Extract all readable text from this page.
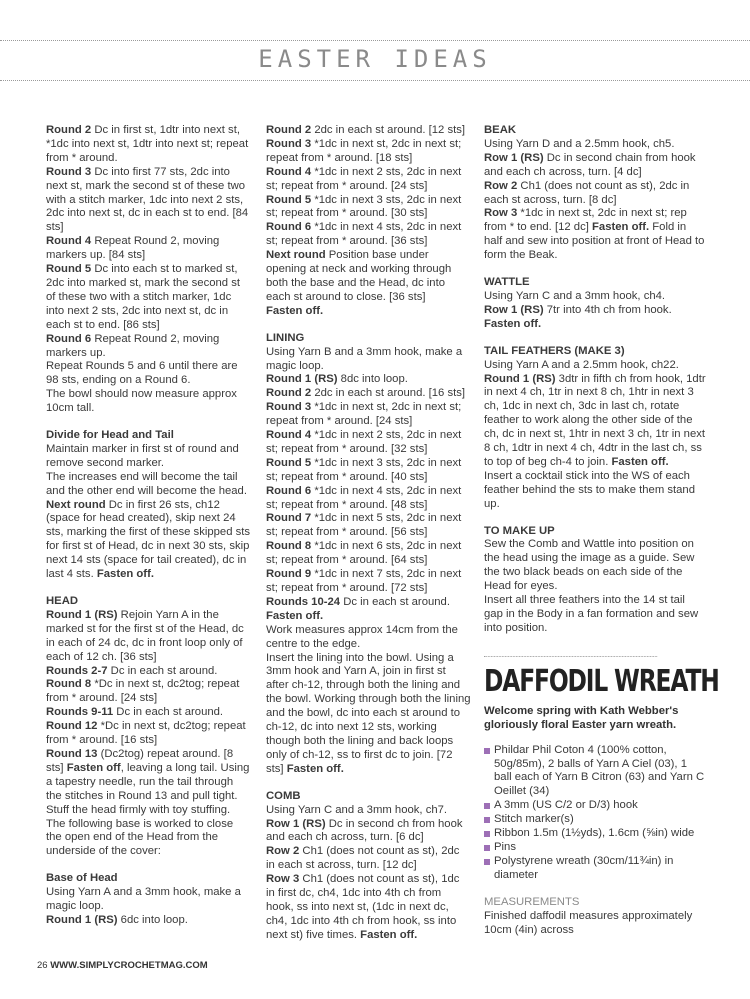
EASTER IDEAS
Round 2 Dc in first st, 1dtr into next st, *1dc into next st, 1dtr into next st; repeat from * around.
Round 3 Dc into first 77 sts, 2dc into next st, mark the second st of these two with a stitch marker, 1dc into next 2 sts, 2dc into next st, dc in each st to end. [84 sts]
Round 4 Repeat Round 2, moving markers up. [84 sts]
Round 5 Dc into each st to marked st, 2dc into marked st, mark the second st of these two with a stitch marker, 1dc into next 2 sts, 2dc into next st, dc in each st to end. [86 sts]
Round 6 Repeat Round 2, moving markers up.
Repeat Rounds 5 and 6 until there are 98 sts, ending on a Round 6.
The bowl should now measure approx 10cm tall.
Divide for Head and Tail
Maintain marker in first st of round and remove second marker.
The increases end will become the tail and the other end will become the head.
Next round Dc in first 26 sts, ch12 (space for head created), skip next 24 sts, marking the first of these skipped sts for first st of Head, dc in next 30 sts, skip next 14 sts (space for tail created), dc in last 4 sts. Fasten off.
HEAD
Round 1 (RS) Rejoin Yarn A in the marked st for the first st of the Head, dc in each of 24 dc, dc in front loop only of each of 12 ch. [36 sts]
Rounds 2-7 Dc in each st around.
Round 8 *Dc in next st, dc2tog; repeat from * around. [24 sts]
Rounds 9-11 Dc in each st around.
Round 12 *Dc in next st, dc2tog; repeat from * around. [16 sts]
Round 13 (Dc2tog) repeat around. [8 sts] Fasten off, leaving a long tail. Using a tapestry needle, run the tail through the stitches in Round 13 and pull tight. Stuff the head firmly with toy stuffing. The following base is worked to close the open end of the Head from the underside of the cover:
Base of Head
Using Yarn A and a 3mm hook, make a magic loop.
Round 1 (RS) 6dc into loop.
Round 2 2dc in each st around. [12 sts]
Round 3 *1dc in next st, 2dc in next st; repeat from * around. [18 sts]
Round 4 *1dc in next 2 sts, 2dc in next st; repeat from * around. [24 sts]
Round 5 *1dc in next 3 sts, 2dc in next st; repeat from * around. [30 sts]
Round 6 *1dc in next 4 sts, 2dc in next st; repeat from * around. [36 sts]
Next round Position base under opening at neck and working through both the base and the Head, dc into each st around to close. [36 sts]
Fasten off.
LINING
Using Yarn B and a 3mm hook, make a magic loop.
Round 1 (RS) 8dc into loop.
Round 2 2dc in each st around. [16 sts]
Round 3 *1dc in next st, 2dc in next st; repeat from * around. [24 sts]
Round 4 *1dc in next 2 sts, 2dc in next st; repeat from * around. [32 sts]
Round 5 *1dc in next 3 sts, 2dc in next st; repeat from * around. [40 sts]
Round 6 *1dc in next 4 sts, 2dc in next st; repeat from * around. [48 sts]
Round 7 *1dc in next 5 sts, 2dc in next st; repeat from * around. [56 sts]
Round 8 *1dc in next 6 sts, 2dc in next st; repeat from * around. [64 sts]
Round 9 *1dc in next 7 sts, 2dc in next st; repeat from * around. [72 sts]
Rounds 10-24 Dc in each st around.
Fasten off.
Work measures approx 14cm from the centre to the edge.
Insert the lining into the bowl. Using a 3mm hook and Yarn A, join in first st after ch-12, through both the lining and the bowl. Working through both the lining and the bowl, dc into each st around to ch-12, dc into next 12 sts, working though both the lining and back loops only of ch-12, ss to first dc to join. [72 sts] Fasten off.
COMB
Using Yarn C and a 3mm hook, ch7.
Row 1 (RS) Dc in second ch from hook and each ch across, turn. [6 dc]
Row 2 Ch1 (does not count as st), 2dc in each st across, turn. [12 dc]
Row 3 Ch1 (does not count as st), 1dc in first dc, ch4, 1dc into 4th ch from hook, ss into next st, (1dc in next dc, ch4, 1dc into 4th ch from hook, ss into next st) five times. Fasten off.
BEAK
Using Yarn D and a 2.5mm hook, ch5.
Row 1 (RS) Dc in second chain from hook and each ch across, turn. [4 dc]
Row 2 Ch1 (does not count as st), 2dc in each st across, turn. [8 dc]
Row 3 *1dc in next st, 2dc in next st; rep from * to end. [12 dc] Fasten off. Fold in half and sew into position at front of Head to form the Beak.
WATTLE
Using Yarn C and a 3mm hook, ch4.
Row 1 (RS) 7tr into 4th ch from hook.
Fasten off.
TAIL FEATHERS (MAKE 3)
Using Yarn A and a 2.5mm hook, ch22.
Round 1 (RS) 3dtr in fifth ch from hook, 1dtr in next 4 ch, 1tr in next 8 ch, 1htr in next 3 ch, 1dc in next ch, 3dc in last ch, rotate feather to work along the other side of the ch, dc in next st, 1htr in next 3 ch, 1tr in next 8 ch, 1dtr in next 4 ch, 4dtr in the last ch, ss to top of beg ch-4 to join. Fasten off.
Insert a cocktail stick into the WS of each feather behind the sts to make them stand up.
TO MAKE UP
Sew the Comb and Wattle into position on the head using the image as a guide. Sew the two black beads on each side of the Head for eyes.
Insert all three feathers into the 14 st tail gap in the Body in a fan formation and sew into position.
DAFFODIL WREATH
Welcome spring with Kath Webber's gloriously floral Easter yarn wreath.
Phildar Phil Coton 4 (100% cotton, 50g/85m), 2 balls of Yarn A Ciel (03), 1 ball each of Yarn B Citron (63) and Yarn C Oeillet (34)
A 3mm (US C/2 or D/3) hook
Stitch marker(s)
Ribbon 1.5m (1½yds), 1.6cm (⅝in) wide
Pins
Polystyrene wreath (30cm/11¾in) in diameter
MEASUREMENTS
Finished daffodil measures approximately 10cm (4in) across
26 WWW.SIMPLYCROCHETMAG.COM
